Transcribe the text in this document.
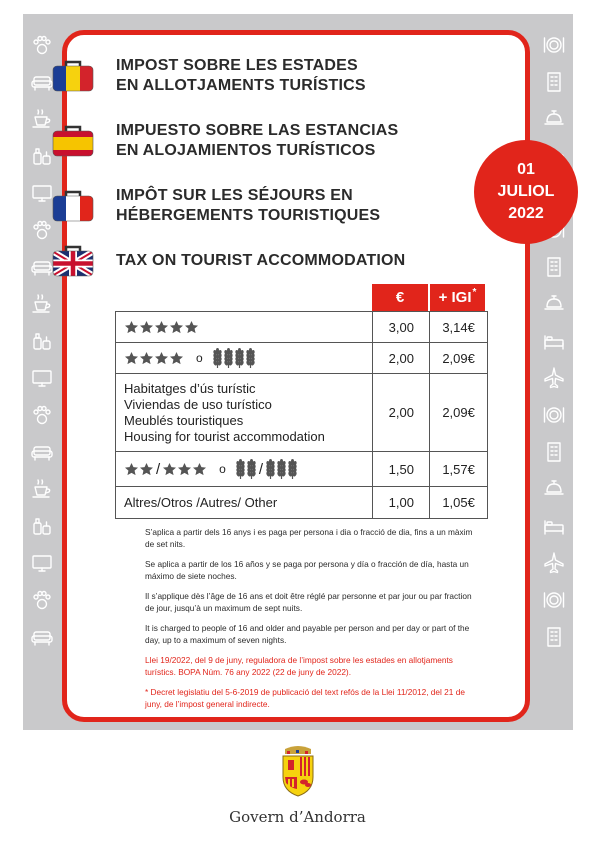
IMPOST SOBRE LES ESTADES
EN ALLOTJAMENTS TURÍSTICS
IMPUESTO SOBRE LAS ESTANCIAS
EN ALOJAMIENTOS TURÍSTICOS
IMPÔT SUR LES SÉJOURS EN
HÉBERGEMENTS TOURISTIQUES
TAX ON TOURIST ACCOMMODATION
01
JULIOL
2022
€ + IGI*
	3,00	3,14€

o	2,00	2,09€

Habitatges d’ús turístic
Viviendas de uso turístico
Meublés touristiques
Housing for tourist accommodation	2,00	2,09€

/ o /	1,50	1,57€
Altres/Otros /Autres/ Other	1,00	1,05€

S’aplica a partir dels 16 anys i es paga per persona i dia o fracció de dia, fins a un màxim de set nits.

Se aplica a partir de los 16 años y se paga por persona y día o fracción de día, hasta un máximo de siete noches.

Il s’applique dès l’âge de 16 ans et doit être réglé par personne et par jour ou par fraction de jour, jusqu’à un maximum de sept nuits.

It is charged to people of 16 and older and payable per person and per day or part of the day, up to a maximum of seven nights.

Llei 19/2022, del 9 de juny, reguladora de l’impost sobre les estades en allotjaments turístics. BOPA Núm. 76 any 2022 (22 de juny de 2022).

* Decret legislatiu del 5-6-2019 de publicació del text refós de la Llei 11/2012, del 21 de juny, de l’impost general indirecte.

Govern d’Andorra
